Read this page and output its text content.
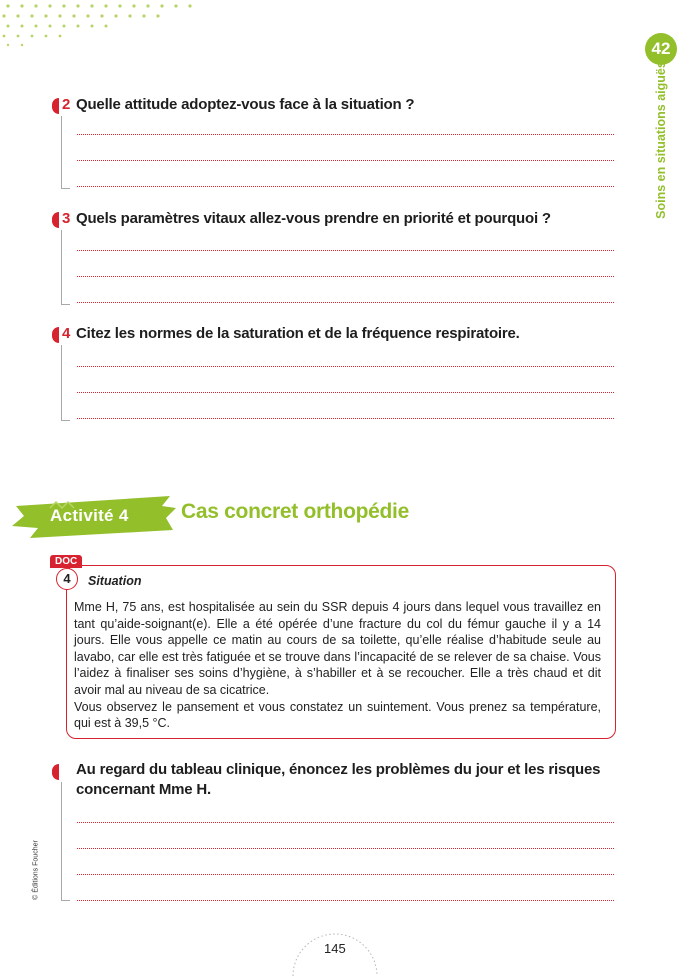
42
Soins en situations aiguës
2 Quelle attitude adoptez-vous face à la situation ?
3 Quels paramètres vitaux allez-vous prendre en priorité et pourquoi ?
4 Citez les normes de la saturation et de la fréquence respiratoire.
Activité 4 Cas concret orthopédie
DOC
4	Situation

Mme H, 75 ans, est hospitalisée au sein du SSR depuis 4 jours dans lequel vous travaillez en tant qu’aide-soignant(e). Elle a été opérée d’une fracture du col du fémur gauche il y a 14 jours. Elle vous appelle ce matin au cours de sa toilette, qu’elle réalise d’habitude seule au lavabo, car elle est très fatiguée et se trouve dans l’incapacité de se relever de sa chaise. Vous l’aidez à finaliser ses soins d’hygiène, à s’habiller et à se recoucher. Elle a très chaud et dit avoir mal au niveau de sa cicatrice.

Vous observez le pansement et vous constatez un suintement. Vous prenez sa température, qui est à 39,5 °C.

Au regard du tableau clinique, énoncez les problèmes du jour et les risques concernant Mme H.
145
© Éditions Foucher
